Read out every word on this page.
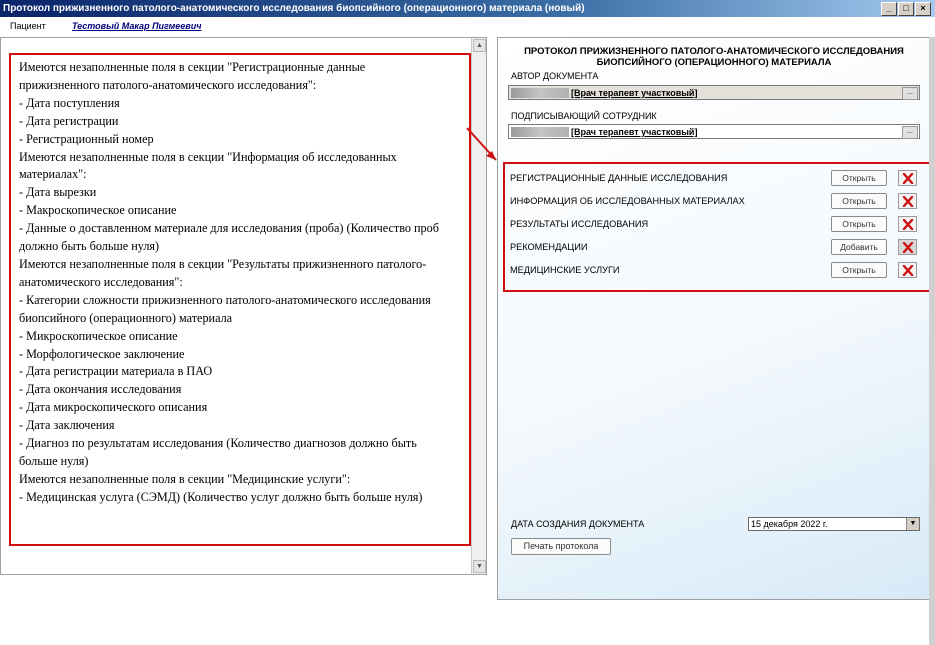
Протокол прижизненного патолого-анатомического исследования биопсийного (операционного) материала (новый)	_	□	×
Пациент	Тестовый Макар Пигмеевич
Имеются незаполненные поля в секции "Регистрационные данные
прижизненного патолого-анатомического исследования":
- Дата поступления
- Дата регистрации
- Регистрационный номер
Имеются незаполненные поля в секции "Информация об исследованных
материалах":
- Дата вырезки
- Макроскопическое описание
- Данные о доставленном материале для исследования (проба) (Количество проб
должно быть больше нуля)
Имеются незаполненные поля в секции "Результаты прижизненного патолого-
анатомического исследования":
- Категории сложности прижизненного патолого-анатомического исследования
биопсийного (операционного) материала
- Микроскопическое описание
- Морфологическое заключение
- Дата регистрации материала в ПАО
- Дата окончания исследования
- Дата микроскопического описания
- Дата заключения
- Диагноз по результатам исследования (Количество диагнозов должно быть
больше нуля)
Имеются незаполненные поля в секции "Медицинские услуги":
- Медицинская услуга (СЭМД) (Количество услуг должно быть больше нуля)
▲
▼
ПРОТОКОЛ ПРИЖИЗНЕННОГО ПАТОЛОГО-АНАТОМИЧЕСКОГО ИССЛЕДОВАНИЯ
БИОПСИЙНОГО (ОПЕРАЦИОННОГО) МАТЕРИАЛА
АВТОР ДОКУМЕНТА
[Врач терапевт участковый]	...
ПОДПИСЫВАЮЩИЙ СОТРУДНИК
[Врач терапевт участковый]	...
РЕГИСТРАЦИОННЫЕ ДАННЫЕ ИССЛЕДОВАНИЯ	Открыть
ИНФОРМАЦИЯ ОБ ИССЛЕДОВАННЫХ МАТЕРИАЛАХ	Открыть
РЕЗУЛЬТАТЫ ИССЛЕДОВАНИЯ	Открыть
РЕКОМЕНДАЦИИ	Добавить
МЕДИЦИНСКИЕ УСЛУГИ	Открыть
ДАТА СОЗДАНИЯ ДОКУМЕНТА	15 декабря 2022 г.	▼
Печать протокола
